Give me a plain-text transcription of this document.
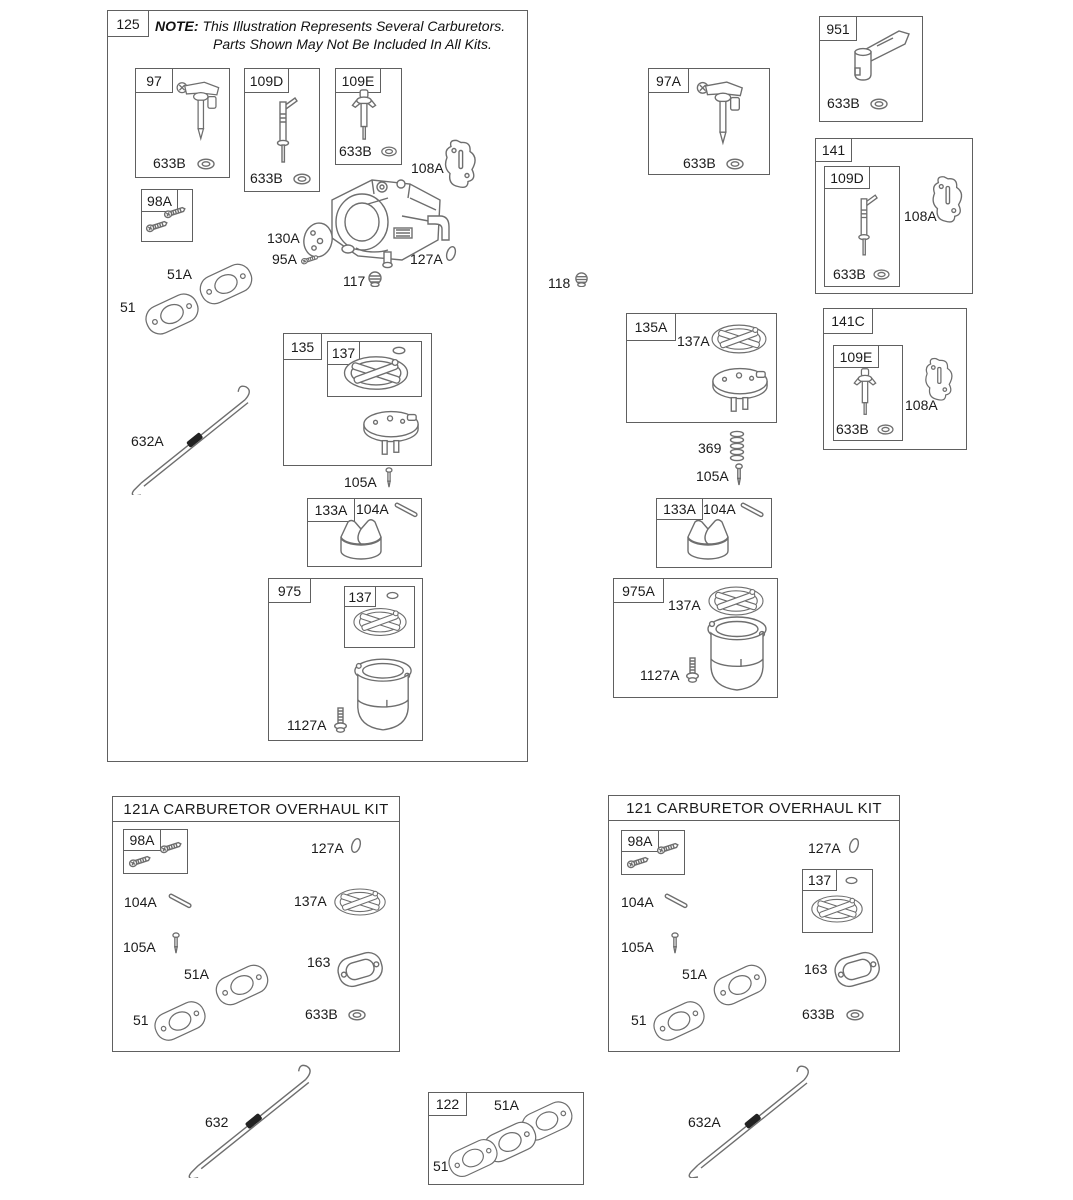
125	NOTE: This Illustration Represents Several Carburetors.
Parts Shown May Not Be Included In All Kits.
97
633B
109D
633B
109E
633B
108A
98A
130A
95A	127A
117
51A
51
632A
135	137
105A
133A 104A
975	137
1127A
118
97A
633B
951
633B
141
109D
633B
108A
141C
109E
633B
108A
135A
137A
369
105A
133A 104A
975A
137A
1127A
121A CARBURETOR OVERHAUL KIT
98A	127A
104A	137A
105A
51A
51
163
633B
121 CARBURETOR OVERHAUL KIT
98A	127A
137
104A
105A
51A
51
163
633B
632
122	51A
51
632A
